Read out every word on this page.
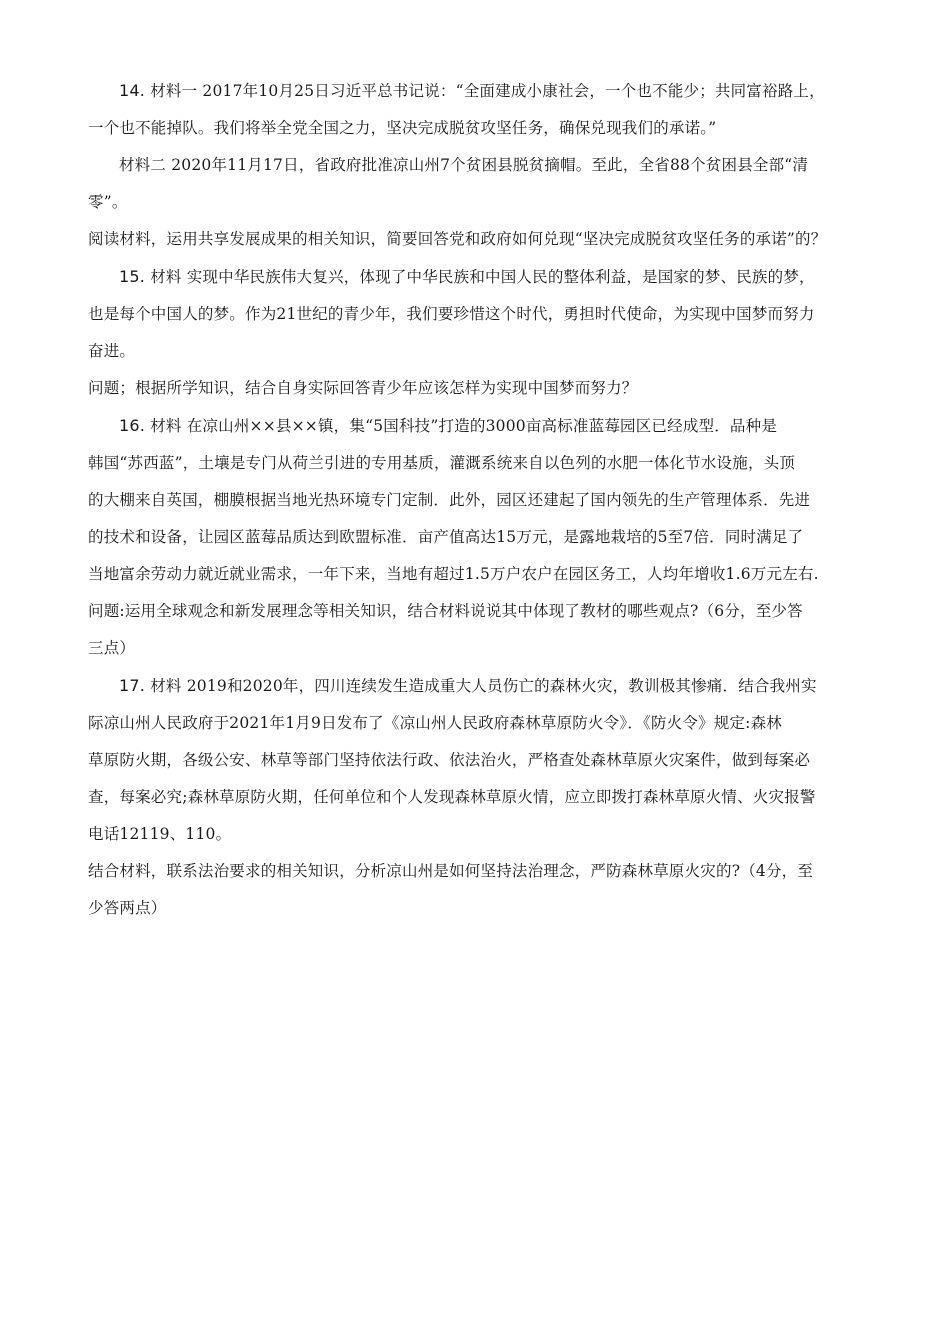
14. 材料一 2017年10月25日习近平总书记说：“全面建成小康社会，一个也不能少；共同富裕路上，

一个也不能掉队。我们将举全党全国之力，坚决完成脱贫攻坚任务，确保兑现我们的承诺。”

材料二 2020年11月17日，省政府批准凉山州7个贫困县脱贫摘帽。至此，全省88个贫困县全部“清

零”。

阅读材料，运用共享发展成果的相关知识，简要回答党和政府如何兑现“坚决完成脱贫攻坚任务的承诺”的？

15. 材料 实现中华民族伟大复兴，体现了中华民族和中国人民的整体利益，是国家的梦、民族的梦，

也是每个中国人的梦。作为21世纪的青少年，我们要珍惜这个时代，勇担时代使命，为实现中国梦而努力

奋进。

问题；根据所学知识，结合自身实际回答青少年应该怎样为实现中国梦而努力？

16. 材料 在凉山州××县××镇，集“5国科技”打造的3000亩高标准蓝莓园区已经成型．品种是

韩国“苏西蓝”，土壤是专门从荷兰引进的专用基质，灌溉系统来自以色列的水肥一体化节水设施，头顶

的大棚来自英国，棚膜根据当地光热环境专门定制．此外，园区还建起了国内领先的生产管理体系．先进

的技术和设备，让园区蓝莓品质达到欧盟标准．亩产值高达15万元，是露地栽培的5至7倍．同时满足了

当地富余劳动力就近就业需求，一年下来，当地有超过1.5万户农户在园区务工，人均年增收1.6万元左右.

问题:运用全球观念和新发展理念等相关知识，结合材料说说其中体现了教材的哪些观点?（6分，至少答

三点）

17. 材料 2019和2020年，四川连续发生造成重大人员伤亡的森林火灾，教训极其惨痛．结合我州实

际凉山州人民政府于2021年1月9日发布了《凉山州人民政府森林草原防火令》．《防火令》规定:森林

草原防火期，各级公安、林草等部门坚持依法行政、依法治火，严格查处森林草原火灾案件，做到每案必

查，每案必究;森林草原防火期，任何单位和个人发现森林草原火情，应立即拨打森林草原火情、火灾报警

电话12119、110。

结合材料，联系法治要求的相关知识，分析凉山州是如何坚持法治理念，严防森林草原火灾的?（4分，至

少答两点）
